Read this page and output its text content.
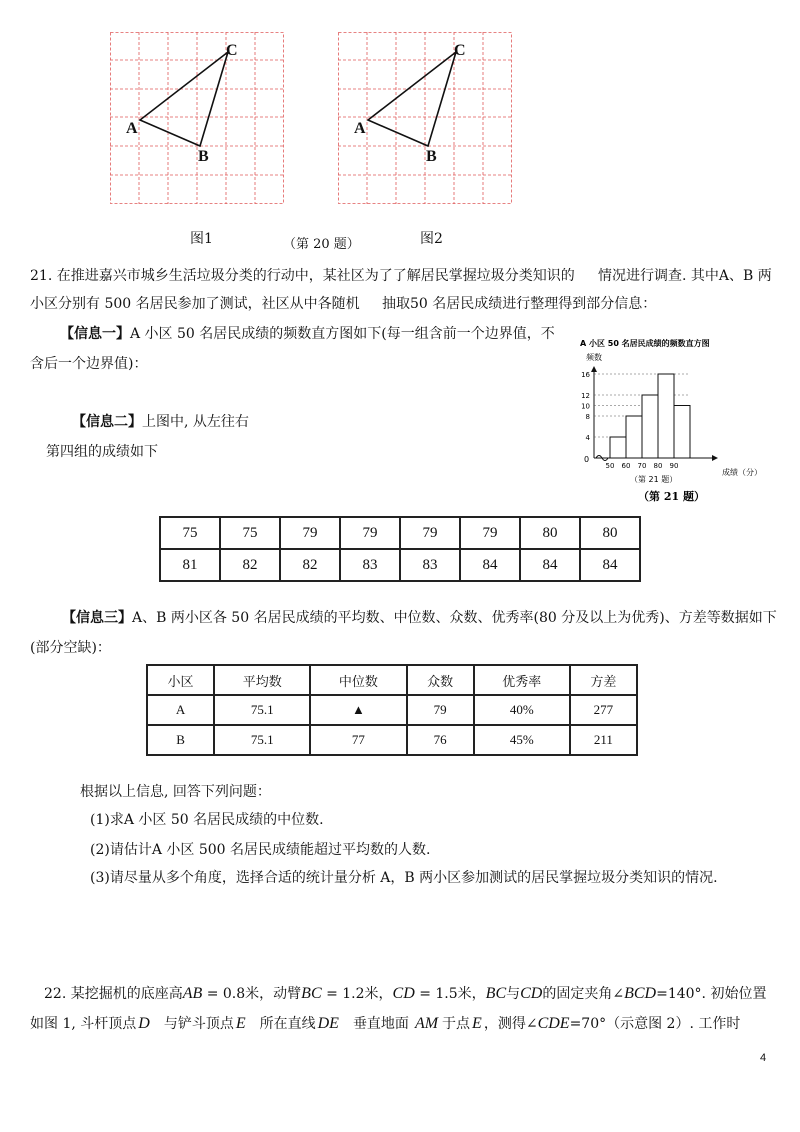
C
A
B
C
A
B
图1	（第 20 题）	图2
21. 在推进嘉兴市城乡生活垃圾分类的行动中，某社区为了了解居民掌握垃圾分类知识的 情况进行调查. 其中A、B 两
小区分别有 500 名居民参加了测试，社区从中各随机 抽取50 名居民成绩进行整理得到部分信息：
【信息一】A 小区 50 名居民成绩的频数直方图如下(每一组含前一个边界值，不
含后一个边界值)：
【信息二】上图中, 从左往右
第四组的成绩如下
A 小区 50 名居民成绩的频数直方图
频数
0
4
8
10
12
16
50 60 70 80 90
成绩（分）
（第 21 题）
（第 21 题）
75	75	79	79	79	79	80	80
81	82	82	83	83	84	84	84
【信息三】A、B 两小区各 50 名居民成绩的平均数、中位数、众数、优秀率(80 分及以上为优秀)、方差等数据如下
(部分空缺)：
小区	平均数	中位数	众数	优秀率	方差
A	75.1	▲	79	40%	277
B	75.1	77	76	45%	211
根据以上信息, 回答下列问题：
(1)求A 小区 50 名居民成绩的中位数.
(2)请估计A 小区 500 名居民成绩能超过平均数的人数.
(3)请尽量从多个角度，选择合适的统计量分析 A，B 两小区参加测试的居民掌握垃圾分类知识的情况.
22. 某挖掘机的底座高AB = 0.8米，动臂BC = 1.2米，CD = 1.5米，BC与CD的固定夹角∠BCD=140°. 初始位置
如图 1, 斗杆顶点 D 与铲斗顶点 E 所在直线 DE 垂直地面 AM 于点 E ，测得∠CDE=70°（示意图 2）. 工作时
4
